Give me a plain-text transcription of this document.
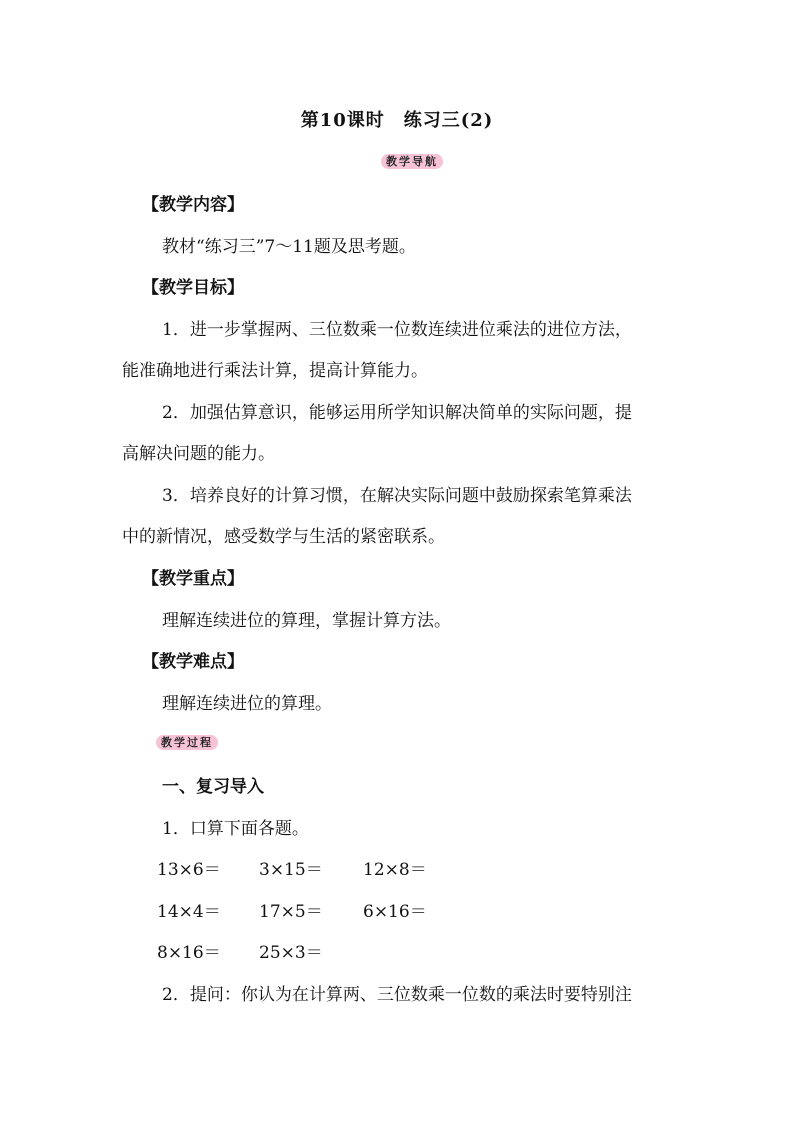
第10课时　练习三(2)
教学导航
【教学内容】
教材“练习三”7～11题及思考题。
【教学目标】
1．进一步掌握两、三位数乘一位数连续进位乘法的进位方法，
能准确地进行乘法计算，提高计算能力。
2．加强估算意识，能够运用所学知识解决简单的实际问题，提
高解决问题的能力。
3．培养良好的计算习惯，在解决实际问题中鼓励探索笔算乘法
中的新情况，感受数学与生活的紧密联系。
【教学重点】
理解连续进位的算理，掌握计算方法。
【教学难点】
理解连续进位的算理。
教学过程
一、复习导入
1．口算下面各题。
13×6＝ 3×15＝ 12×8＝
14×4＝ 17×5＝ 6×16＝
8×16＝ 25×3＝
2．提问：你认为在计算两、三位数乘一位数的乘法时要特别注
